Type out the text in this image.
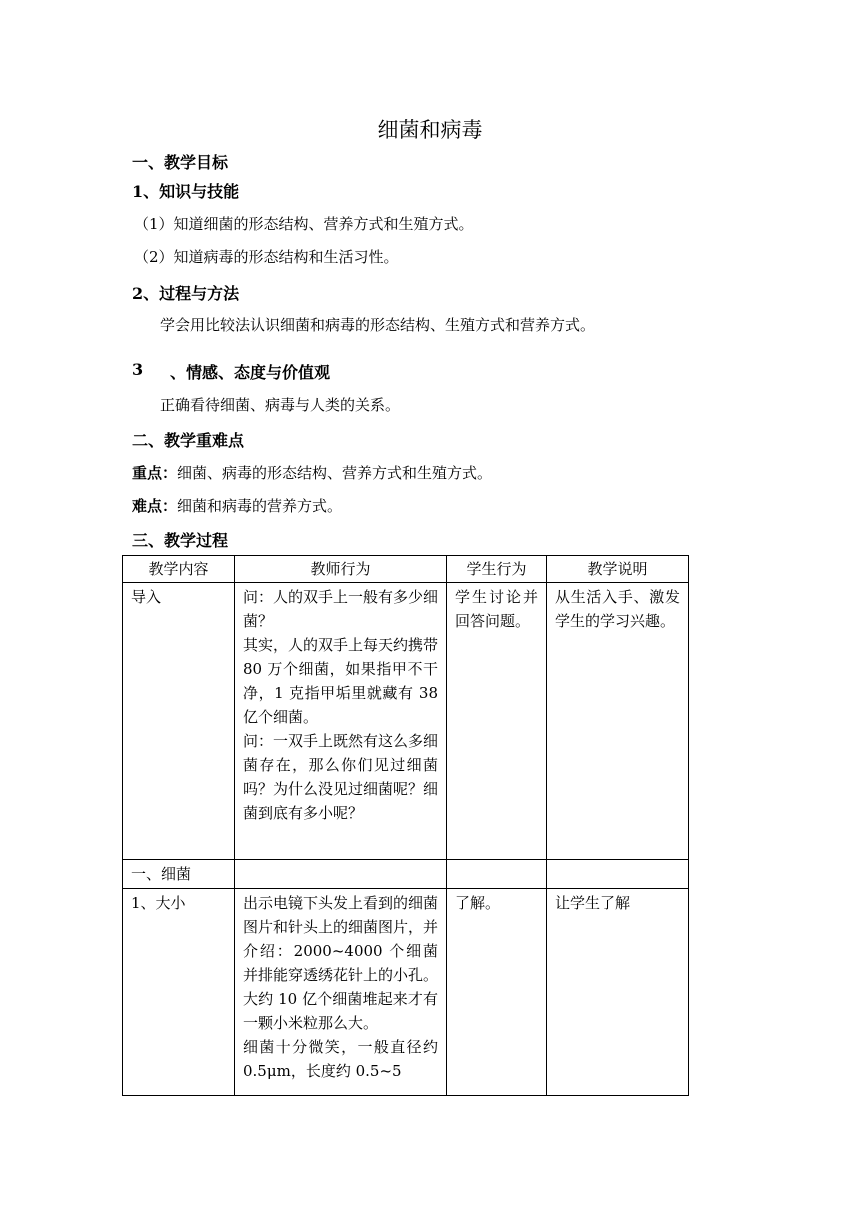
细菌和病毒
一、教学目标
1、知识与技能
（1）知道细菌的形态结构、营养方式和生殖方式。
（2）知道病毒的形态结构和生活习性。
2、过程与方法
学会用比较法认识细菌和病毒的形态结构、生殖方式和营养方式。
3 、情感、态度与价值观
正确看待细菌、病毒与人类的关系。
二、教学重难点
重点：细菌、病毒的形态结构、营养方式和生殖方式。
难点：细菌和病毒的营养方式。
三、教学过程
教学内容	教师行为	学生行为	教学说明

导入	问：人的双手上一般有多少细菌？
其实，人的双手上每天约携带 80 万个细菌，如果指甲不干净，1 克指甲垢里就藏有 38 亿个细菌。
问：一双手上既然有这么多细菌存在，那么你们见过细菌吗？为什么没见过细菌呢？细菌到底有多小呢？	学生讨论并回答问题。	从生活入手、激发学生的学习兴趣。

一、细菌			

1、大小	出示电镜下头发上看到的细菌图片和针头上的细菌图片，并介绍：2000~4000 个细菌并排能穿透绣花针上的小孔。大约 10 亿个细菌堆起来才有一颗小米粒那么大。
细菌十分微笑，一般直径约 0.5μm，长度约 0.5~5	了解。	让学生了解
